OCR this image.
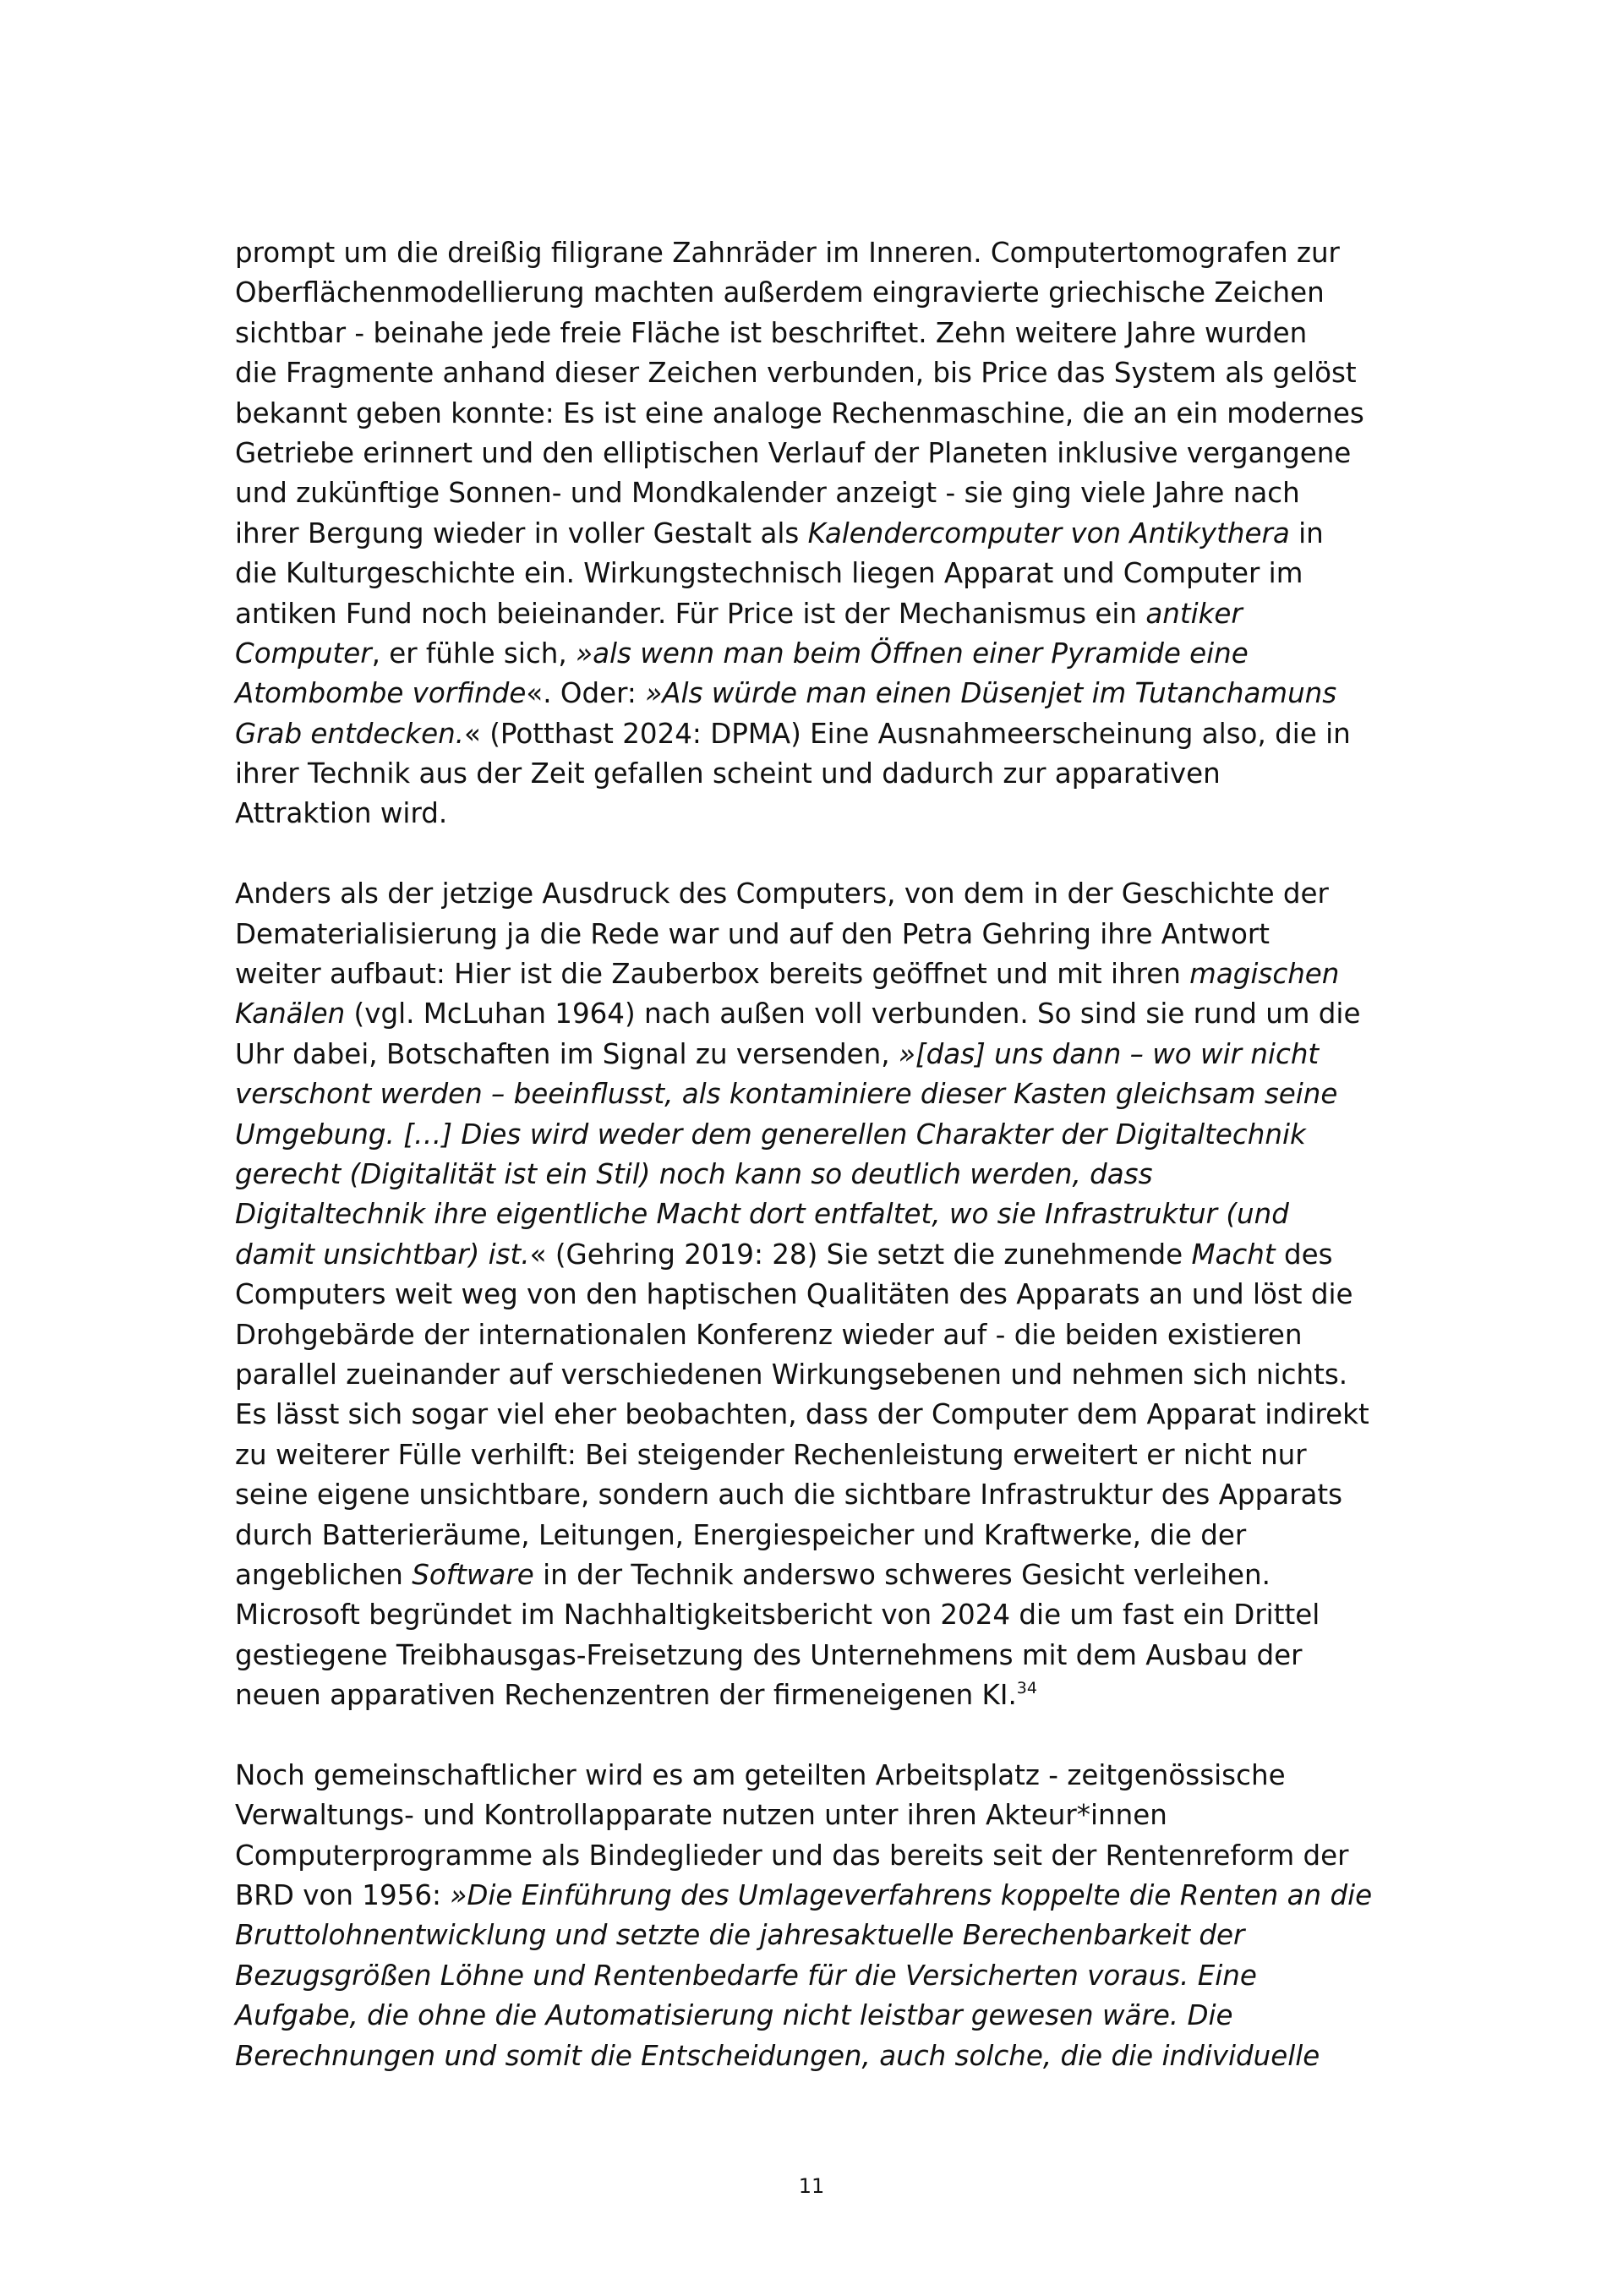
prompt um die dreißig filigrane Zahnräder im Inneren. Computertomografen zur
Oberflächenmodellierung machten außerdem eingravierte griechische Zeichen
sichtbar - beinahe jede freie Fläche ist beschriftet. Zehn weitere Jahre wurden
die Fragmente anhand dieser Zeichen verbunden, bis Price das System als gelöst
bekannt geben konnte: Es ist eine analoge Rechenmaschine, die an ein modernes
Getriebe erinnert und den elliptischen Verlauf der Planeten inklusive vergangene
und zukünftige Sonnen- und Mondkalender anzeigt - sie ging viele Jahre nach
ihrer Bergung wieder in voller Gestalt als Kalendercomputer von Antikythera in
die Kulturgeschichte ein. Wirkungstechnisch liegen Apparat und Computer im
antiken Fund noch beieinander. Für Price ist der Mechanismus ein antiker
Computer, er fühle sich, »als wenn man beim Öffnen einer Pyramide eine
Atombombe vorfinde«. Oder: »Als würde man einen Düsenjet im Tutanchamuns
Grab entdecken.« (Potthast 2024: DPMA) Eine Ausnahmeerscheinung also, die in
ihrer Technik aus der Zeit gefallen scheint und dadurch zur apparativen
Attraktion wird.
Anders als der jetzige Ausdruck des Computers, von dem in der Geschichte der
Dematerialisierung ja die Rede war und auf den Petra Gehring ihre Antwort
weiter aufbaut: Hier ist die Zauberbox bereits geöffnet und mit ihren magischen
Kanälen (vgl. McLuhan 1964) nach außen voll verbunden. So sind sie rund um die
Uhr dabei, Botschaften im Signal zu versenden, »[das] uns dann – wo wir nicht
verschont werden – beeinflusst, als kontaminiere dieser Kasten gleichsam seine
Umgebung. […] Dies wird weder dem generellen Charakter der Digitaltechnik
gerecht (Digitalität ist ein Stil) noch kann so deutlich werden, dass
Digitaltechnik ihre eigentliche Macht dort entfaltet, wo sie Infrastruktur (und
damit unsichtbar) ist.« (Gehring 2019: 28) Sie setzt die zunehmende Macht des
Computers weit weg von den haptischen Qualitäten des Apparats an und löst die
Drohgebärde der internationalen Konferenz wieder auf - die beiden existieren
parallel zueinander auf verschiedenen Wirkungsebenen und nehmen sich nichts.
Es lässt sich sogar viel eher beobachten, dass der Computer dem Apparat indirekt
zu weiterer Fülle verhilft: Bei steigender Rechenleistung erweitert er nicht nur
seine eigene unsichtbare, sondern auch die sichtbare Infrastruktur des Apparats
durch Batterieräume, Leitungen, Energiespeicher und Kraftwerke, die der
angeblichen Software in der Technik anderswo schweres Gesicht verleihen.
Microsoft begründet im Nachhaltigkeitsbericht von 2024 die um fast ein Drittel
gestiegene Treibhausgas-Freisetzung des Unternehmens mit dem Ausbau der
neuen apparativen Rechenzentren der firmeneigenen KI.$^{34}$
Noch gemeinschaftlicher wird es am geteilten Arbeitsplatz - zeitgenössische
Verwaltungs- und Kontrollapparate nutzen unter ihren Akteur*innen
Computerprogramme als Bindeglieder und das bereits seit der Rentenreform der
BRD von 1956: »Die Einführung des Umlageverfahrens koppelte die Renten an die
Bruttolohnentwicklung und setzte die jahresaktuelle Berechenbarkeit der
Bezugsgrößen Löhne und Rentenbedarfe für die Versicherten voraus. Eine
Aufgabe, die ohne die Automatisierung nicht leistbar gewesen wäre. Die
Berechnungen und somit die Entscheidungen, auch solche, die die individuelle
11
